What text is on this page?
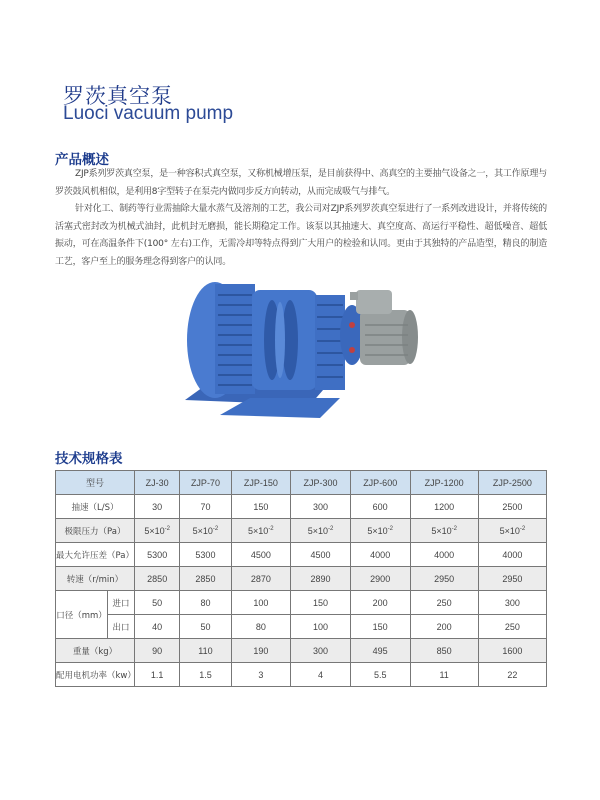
罗茨真空泵
Luoci vacuum pump
产品概述

ZJP系列罗茨真空泵，是一种容积式真空泵，又称机械增压泵，是目前获得中、高真空的主要抽气设备之一，其工作原理与罗茨鼓风机相似，是利用8字型转子在泵壳内做同步反方向转动，从而完成吸气与排气。

针对化工、制药等行业需抽除大量水蒸气及溶剂的工艺，我公司对ZJP系列罗茨真空泵进行了一系列改进设计，并将传统的活塞式密封改为机械式油封，此机封无磨损，能长期稳定工作。该泵以其抽速大、真空度高、高运行平稳性、超低噪音、超低振动，可在高温条件下(100° 左右)工作，无需冷却等特点得到广大用户的检验和认同。更由于其独特的产品造型，精良的制造工艺，客户至上的服务理念得到客户的认同。

技术规格表
型号		ZJ-30	ZJP-70	ZJP-150	ZJP-300	ZJP-600	ZJP-1200	ZJP-2500
抽速（L/S）		30	70	150	300	600	1200	2500
极限压力（Pa）		$5\times 10^{-2}$	$5\times 10^{-2}$	$5\times 10^{-2}$	$5\times 10^{-2}$	$5\times 10^{-2}$	$5\times 10^{-2}$	$5\times 10^{-2}$
最大允许压差（Pa）		5300	5300	4500	4500	4000	4000	4000
转速（r/min）		2850	2850	2870	2890	2900	2950	2950
口径（mm）	进口	50	80	100	150	200	250	300
	出口	40	50	80	100	150	200	250
重量（kg）		90	110	190	300	495	850	1600
配用电机功率（kw）		1.1	1.5	3	4	5.5	11	22
